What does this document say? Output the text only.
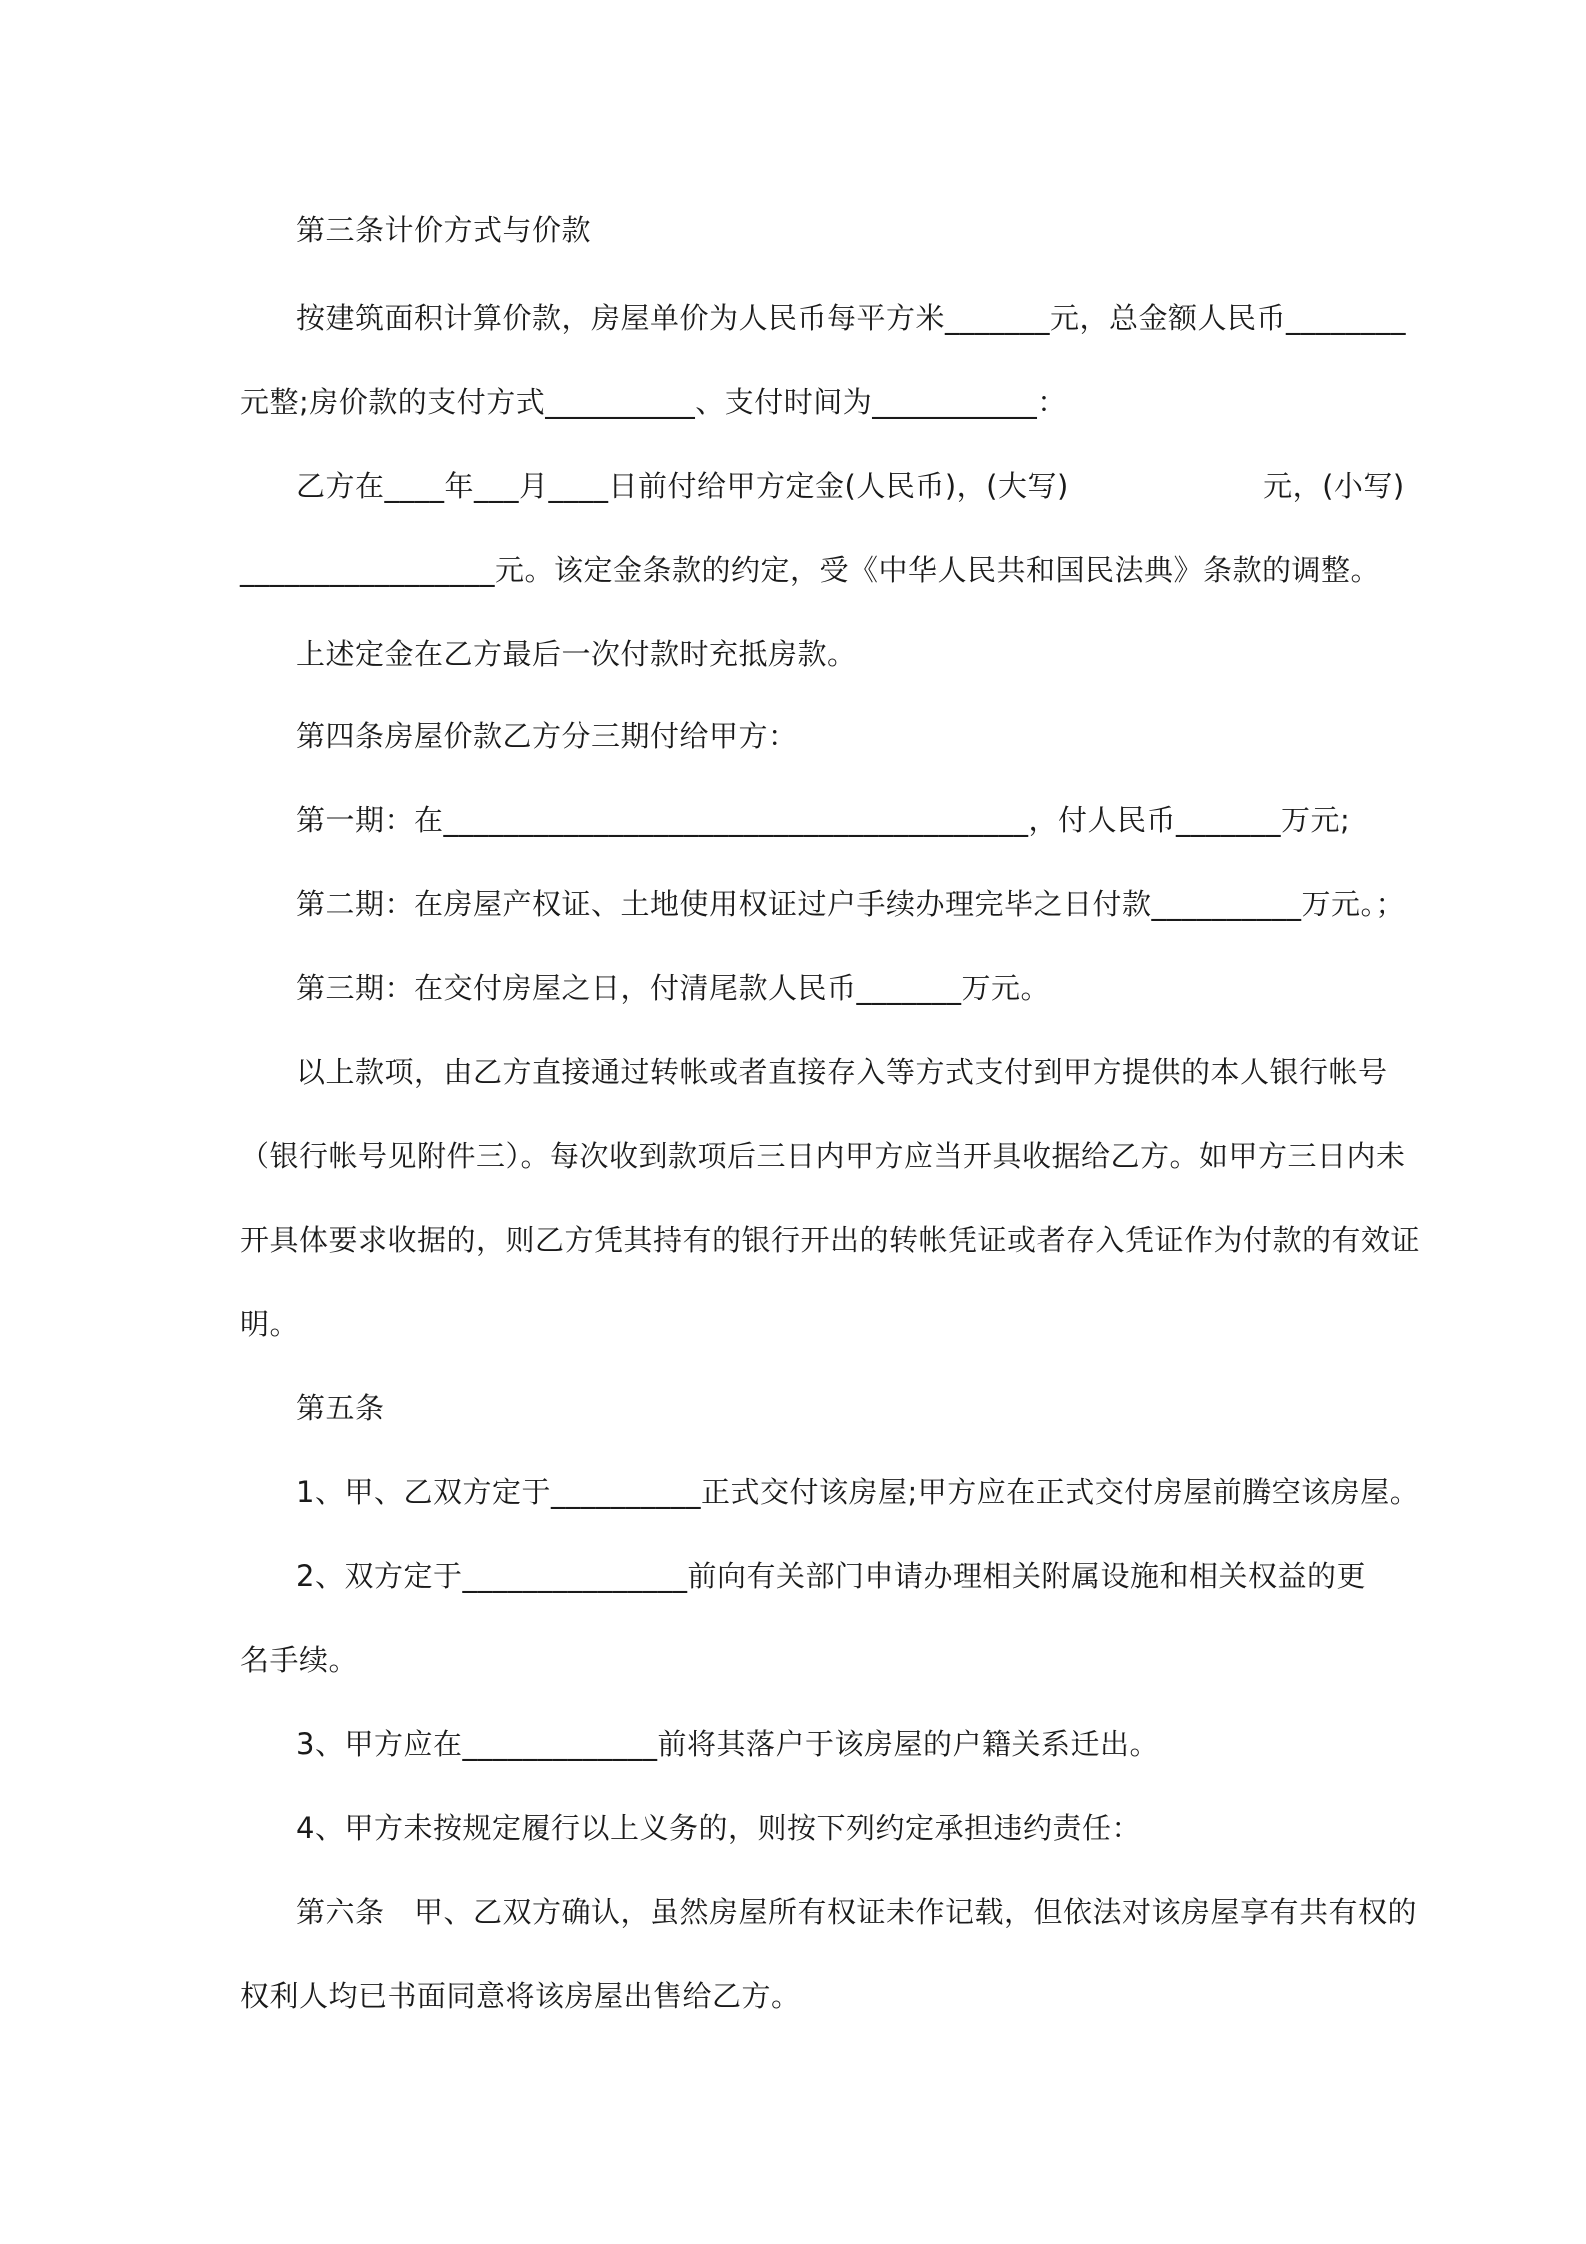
第三条计价方式与价款
按建筑面积计算价款，房屋单价为人民币每平方米_______元，总金额人民币________
元整;房价款的支付方式__________、支付时间为___________：
乙方在____年___月____日前付给甲方定金(人民币)，(大写)                    元，(小写)
_________________元。该定金条款的约定，受《中华人民共和国民法典》条款的调整。
上述定金在乙方最后一次付款时充抵房款。
第四条房屋价款乙方分三期付给甲方：
第一期：在_______________________________________，付人民币_______万元;
第二期：在房屋产权证、土地使用权证过户手续办理完毕之日付款__________万元。；
第三期：在交付房屋之日，付清尾款人民币_______万元。
以上款项，由乙方直接通过转帐或者直接存入等方式支付到甲方提供的本人银行帐号
（银行帐号见附件三）。每次收到款项后三日内甲方应当开具收据给乙方。如甲方三日内未
开具体要求收据的，则乙方凭其持有的银行开出的转帐凭证或者存入凭证作为付款的有效证
明。
第五条
1、甲、乙双方定于__________正式交付该房屋;甲方应在正式交付房屋前腾空该房屋。
2、双方定于_______________前向有关部门申请办理相关附属设施和相关权益的更
名手续。
3、甲方应在_____________前将其落户于该房屋的户籍关系迁出。
4、甲方未按规定履行以上义务的，则按下列约定承担违约责任：
第六条　甲、乙双方确认，虽然房屋所有权证未作记载，但依法对该房屋享有共有权的
权利人均已书面同意将该房屋出售给乙方。
